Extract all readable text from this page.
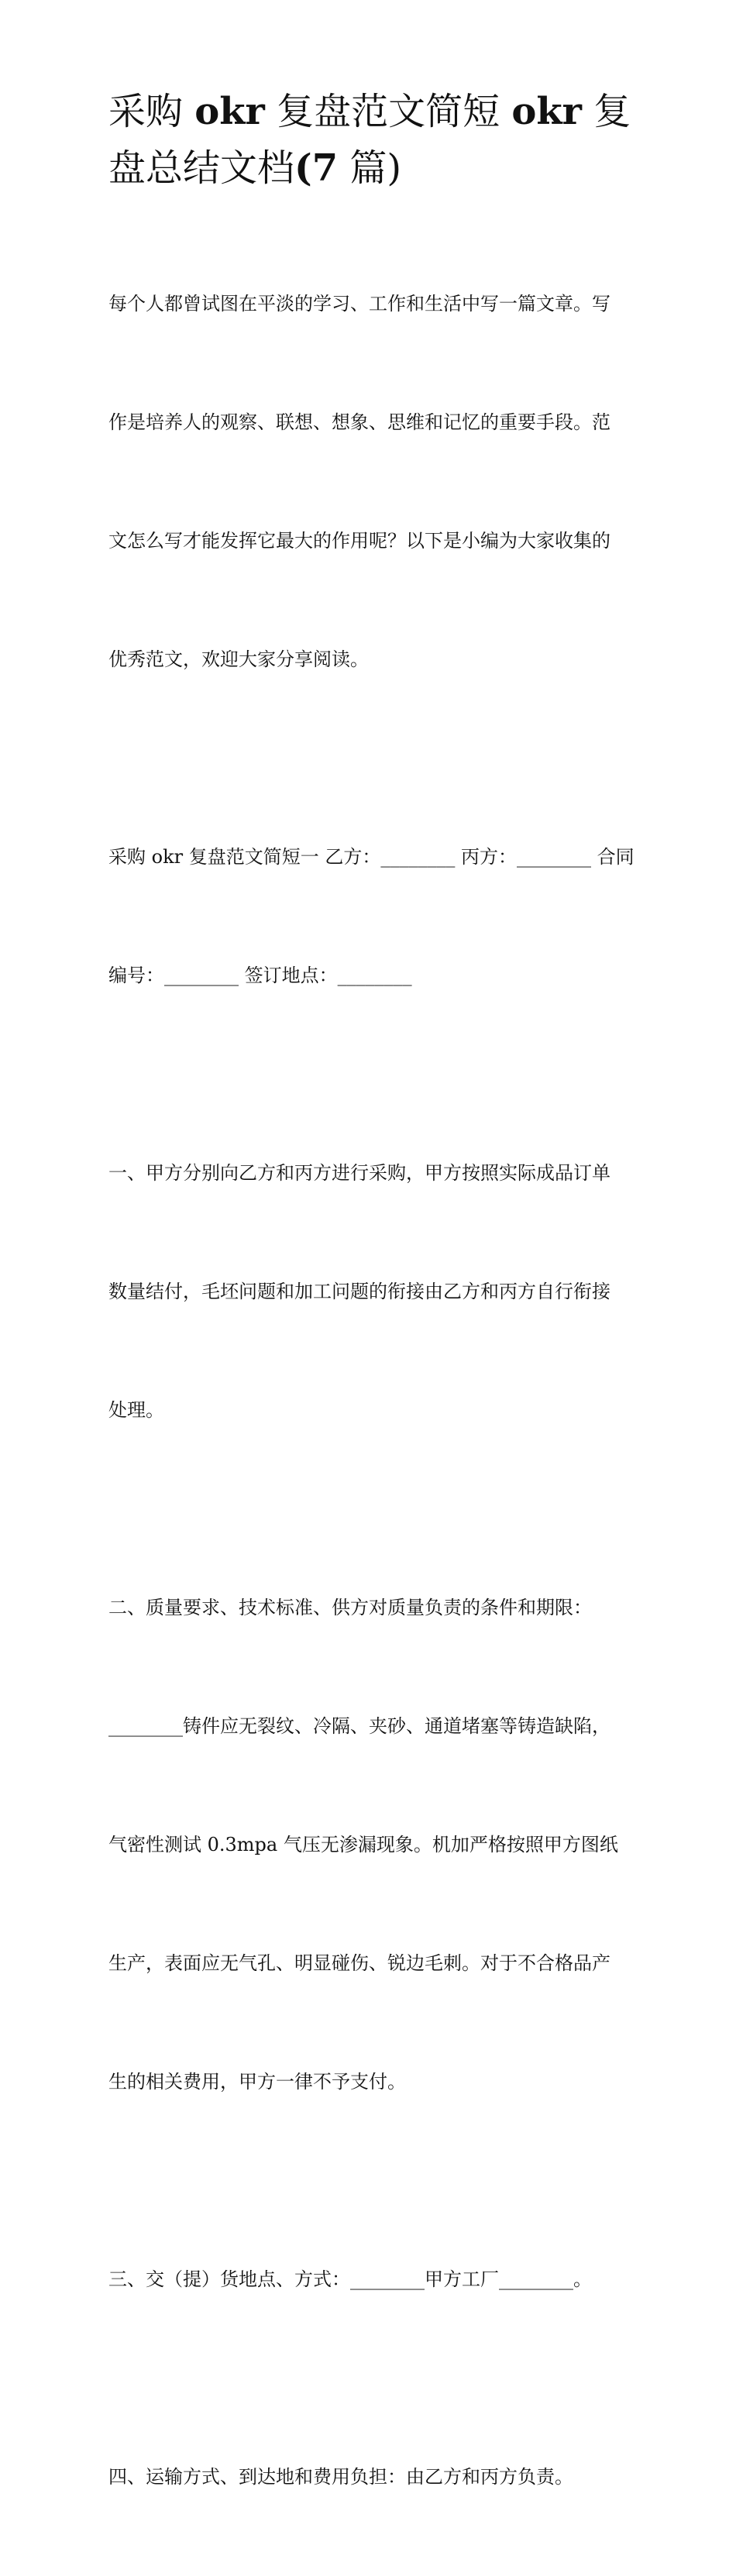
采购 okr 复盘范文简短 okr 复
盘总结文档(7 篇)

每个人都曾试图在平淡的学习、工作和生活中写一篇文章。写

作是培养人的观察、联想、想象、思维和记忆的重要手段。范

文怎么写才能发挥它最大的作用呢？以下是小编为大家收集的

优秀范文，欢迎大家分享阅读。

采购 okr 复盘范文简短一 乙方：________ 丙方：________ 合同

编号：________ 签订地点：________

一、甲方分别向乙方和丙方进行采购，甲方按照实际成品订单

数量结付，毛坯问题和加工问题的衔接由乙方和丙方自行衔接

处理。

二、质量要求、技术标准、供方对质量负责的条件和期限：

________铸件应无裂纹、冷隔、夹砂、通道堵塞等铸造缺陷，

气密性测试 0.3mpa 气压无渗漏现象。机加严格按照甲方图纸

生产，表面应无气孔、明显碰伤、锐边毛刺。对于不合格品产

生的相关费用，甲方一律不予支付。

三、交（提）货地点、方式：________甲方工厂________。

四、运输方式、到达地和费用负担：由乙方和丙方负责。
